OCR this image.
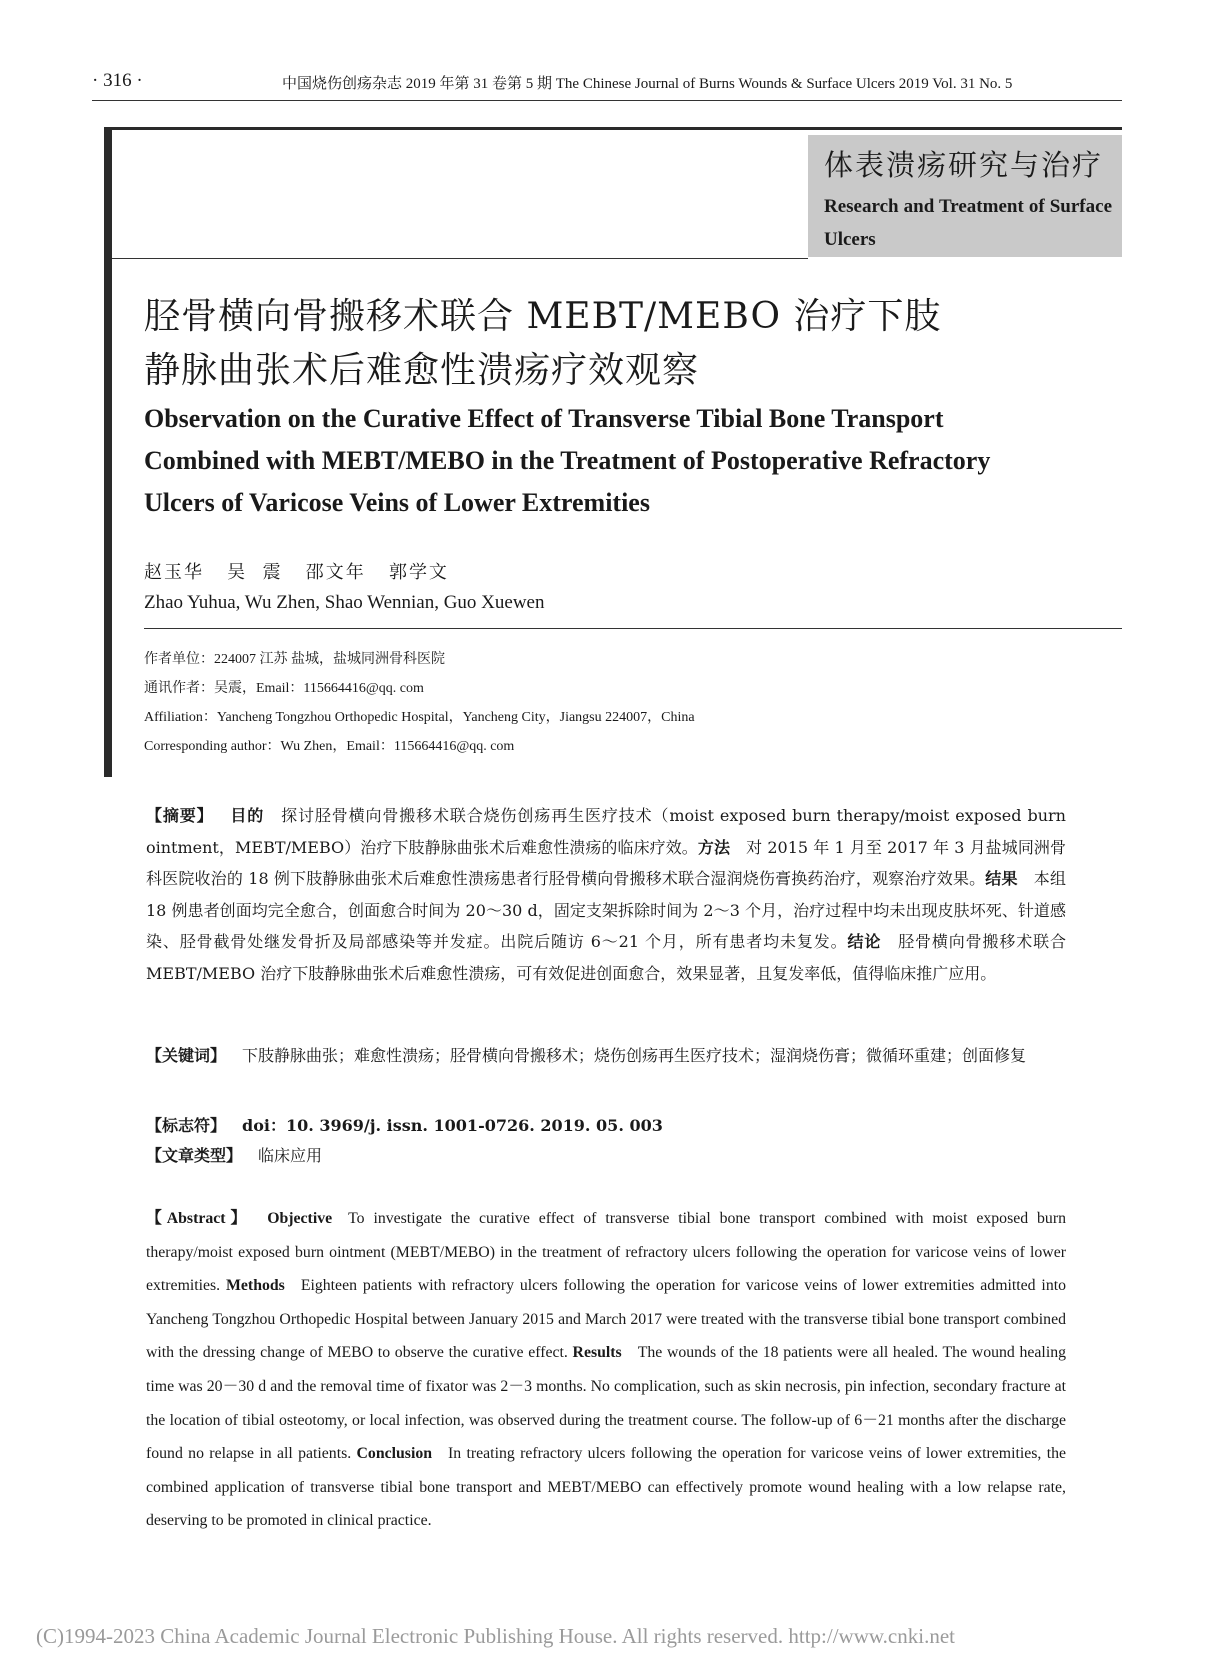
· 316 ·	中国烧伤创疡杂志 2019 年第 31 卷第 5 期 The Chinese Journal of Burns Wounds & Surface Ulcers 2019 Vol. 31 No. 5
体表溃疡研究与治疗
Research and Treatment of Surface Ulcers
胫骨横向骨搬移术联合 MEBT/MEBO 治疗下肢
静脉曲张术后难愈性溃疡疗效观察
Observation on the Curative Effect of Transverse Tibial Bone Transport
Combined with MEBT/MEBO in the Treatment of Postoperative Refractory
Ulcers of Varicose Veins of Lower Extremities
赵玉华   吴  震   邵文年   郭学文
Zhao Yuhua, Wu Zhen, Shao Wennian, Guo Xuewen
作者单位：224007 江苏 盐城，盐城同洲骨科医院
通讯作者：吴震，Email：115664416@qq. com
Affiliation：Yancheng Tongzhou Orthopedic Hospital，Yancheng City，Jiangsu 224007，China
Corresponding author：Wu Zhen，Email：115664416@qq. com
【摘要】 目的 探讨胫骨横向骨搬移术联合烧伤创疡再生医疗技术（moist exposed burn therapy/moist exposed burn ointment，MEBT/MEBO）治疗下肢静脉曲张术后难愈性溃疡的临床疗效。方法 对 2015 年 1 月至 2017 年 3 月盐城同洲骨科医院收治的 18 例下肢静脉曲张术后难愈性溃疡患者行胫骨横向骨搬移术联合湿润烧伤膏换药治疗，观察治疗效果。结果 本组 18 例患者创面均完全愈合，创面愈合时间为 20～30 d，固定支架拆除时间为 2～3 个月，治疗过程中均未出现皮肤坏死、针道感染、胫骨截骨处继发骨折及局部感染等并发症。出院后随访 6～21 个月，所有患者均未复发。结论 胫骨横向骨搬移术联合 MEBT/MEBO 治疗下肢静脉曲张术后难愈性溃疡，可有效促进创面愈合，效果显著，且复发率低，值得临床推广应用。
【关键词】 下肢静脉曲张；难愈性溃疡；胫骨横向骨搬移术；烧伤创疡再生医疗技术；湿润烧伤膏；微循环重建；创面修复
【标志符】 doi：10. 3969/j. issn. 1001-0726. 2019. 05. 003
【文章类型】 临床应用
【Abstract】 Objective To investigate the curative effect of transverse tibial bone transport combined with moist exposed burn therapy/moist exposed burn ointment (MEBT/MEBO) in the treatment of refractory ulcers following the operation for varicose veins of lower extremities. Methods Eighteen patients with refractory ulcers following the operation for varicose veins of lower extremities admitted into Yancheng Tongzhou Orthopedic Hospital between January 2015 and March 2017 were treated with the transverse tibial bone transport combined with the dressing change of MEBO to observe the curative effect. Results The wounds of the 18 patients were all healed. The wound healing time was 20－30 d and the removal time of fixator was 2－3 months. No complication, such as skin necrosis, pin infection, secondary fracture at the location of tibial osteotomy, or local infection, was observed during the treatment course. The follow-up of 6－21 months after the discharge found no relapse in all patients. Conclusion In treating refractory ulcers following the operation for varicose veins of lower extremities, the combined application of transverse tibial bone transport and MEBT/MEBO can effectively promote wound healing with a low relapse rate, deserving to be promoted in clinical practice.
(C)1994-2023 China Academic Journal Electronic Publishing House. All rights reserved. http://www.cnki.net
